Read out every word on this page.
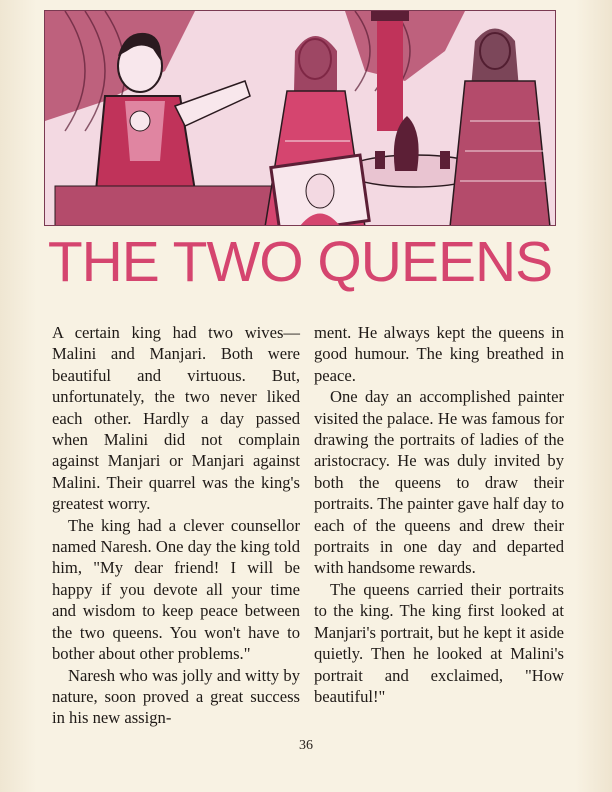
THE TWO QUEENS

A certain king had two wives— Malini and Manjari. Both were beautiful and virtuous. But, unfortunately, the two never liked each other. Hardly a day passed when Malini did not complain against Manjari or Manjari against Malini. Their quarrel was the king's greatest worry.

The king had a clever counsellor named Naresh. One day the king told him, "My dear friend! I will be happy if you devote all your time and wisdom to keep peace between the two queens. You won't have to bother about other problems."

Naresh who was jolly and witty by nature, soon proved a great success in his new assign-

ment. He always kept the queens in good humour. The king breathed in peace.

One day an accomplished painter visited the palace. He was famous for drawing the portraits of ladies of the aristocracy. He was duly invited by both the queens to draw their portraits. The painter gave half day to each of the queens and drew their portraits in one day and departed with handsome rewards.

The queens carried their portraits to the king. The king first looked at Manjari's portrait, but he kept it aside quietly. Then he looked at Malini's portrait and exclaimed, "How beautiful!"

36
